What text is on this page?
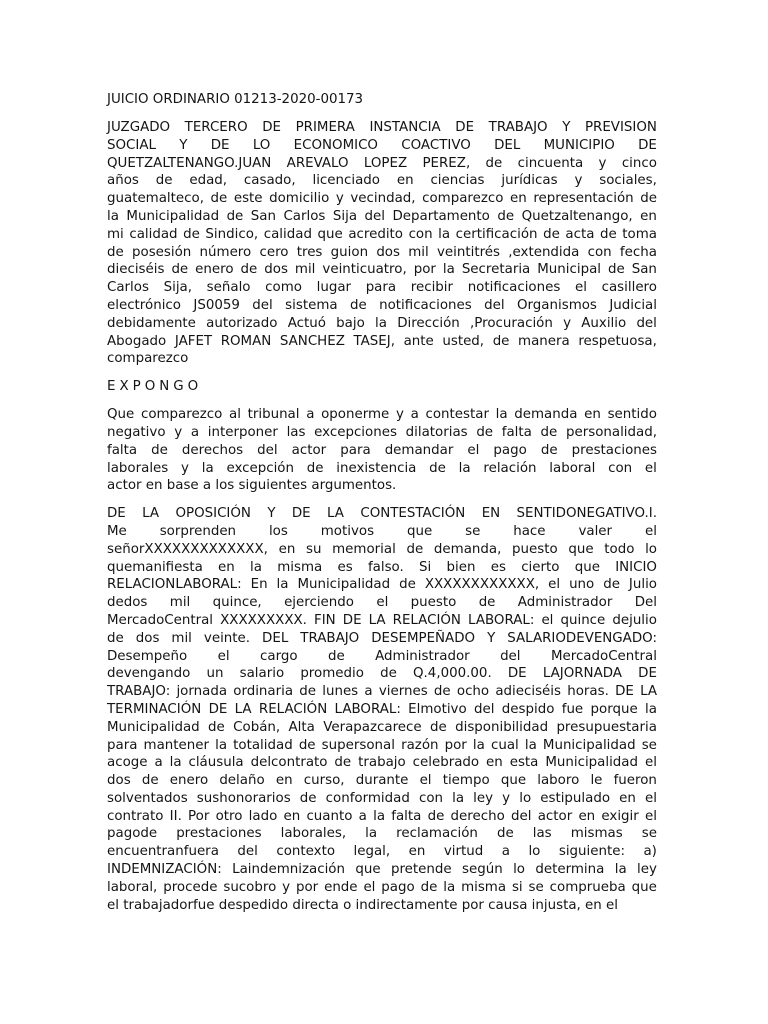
JUICIO ORDINARIO 01213-2020-00173
JUZGADO TERCERO DE PRIMERA INSTANCIA DE TRABAJO Y PREVISION
SOCIAL Y DE LO ECONOMICO COACTIVO DEL MUNICIPIO DE
QUETZALTENANGO.JUAN AREVALO LOPEZ PEREZ, de cincuenta y cinco
años de edad, casado, licenciado en ciencias jurídicas y sociales,
guatemalteco, de este domicilio y vecindad, comparezco en representación de
la Municipalidad de San Carlos Sija del Departamento de Quetzaltenango, en
mi calidad de Sindico, calidad que acredito con la certificación de acta de toma
de posesión número cero tres guion dos mil veintitrés ,extendida con fecha
dieciséis de enero de dos mil veinticuatro, por la Secretaria Municipal de San
Carlos Sija, señalo como lugar para recibir notificaciones el casillero
electrónico JS0059 del sistema de notificaciones del Organismos Judicial
debidamente autorizado Actuó bajo la Dirección ,Procuración y Auxilio del
Abogado JAFET ROMAN SANCHEZ TASEJ, ante usted, de manera respetuosa,
comparezco
EXPONGO
Que comparezco al tribunal a oponerme y a contestar la demanda en sentido
negativo y a interponer las excepciones dilatorias de falta de personalidad,
falta de derechos del actor para demandar el pago de prestaciones
laborales y la excepción de inexistencia de la relación laboral con el
actor en base a los siguientes argumentos.
DE LA OPOSICIÓN Y DE LA CONTESTACIÓN EN SENTIDONEGATIVO.I.
Me sorprenden los motivos que se hace valer el
señorXXXXXXXXXXXXX, en su memorial de demanda, puesto que todo lo
quemanifiesta en la misma es falso. Si bien es cierto que INICIO
RELACIONLABORAL: En la Municipalidad de XXXXXXXXXXXX, el uno de Julio
dedos mil quince, ejerciendo el puesto de Administrador Del
MercadoCentral XXXXXXXXX. FIN DE LA RELACIÓN LABORAL: el quince dejulio
de dos mil veinte. DEL TRABAJO DESEMPEÑADO Y SALARIODEVENGADO:
Desempeño el cargo de Administrador del MercadoCentral
devengando un salario promedio de Q.4,000.00. DE LAJORNADA DE
TRABAJO: jornada ordinaria de lunes a viernes de ocho adieciséis horas. DE LA
TERMINACIÓN DE LA RELACIÓN LABORAL: Elmotivo del despido fue porque la
Municipalidad de Cobán, Alta Verapazcarece de disponibilidad presupuestaria
para mantener la totalidad de supersonal razón por la cual la Municipalidad se
acoge a la cláusula delcontrato de trabajo celebrado en esta Municipalidad el
dos de enero delaño en curso, durante el tiempo que laboro le fueron
solventados sushonorarios de conformidad con la ley y lo estipulado en el
contrato II. Por otro lado en cuanto a la falta de derecho del actor en exigir el
pagode prestaciones laborales, la reclamación de las mismas se
encuentranfuera del contexto legal, en virtud a lo siguiente: a)
INDEMNIZACIÓN: Laindemnización que pretende según lo determina la ley
laboral, procede sucobro y por ende el pago de la misma si se comprueba que
el trabajadorfue despedido directa o indirectamente por causa injusta, en el
